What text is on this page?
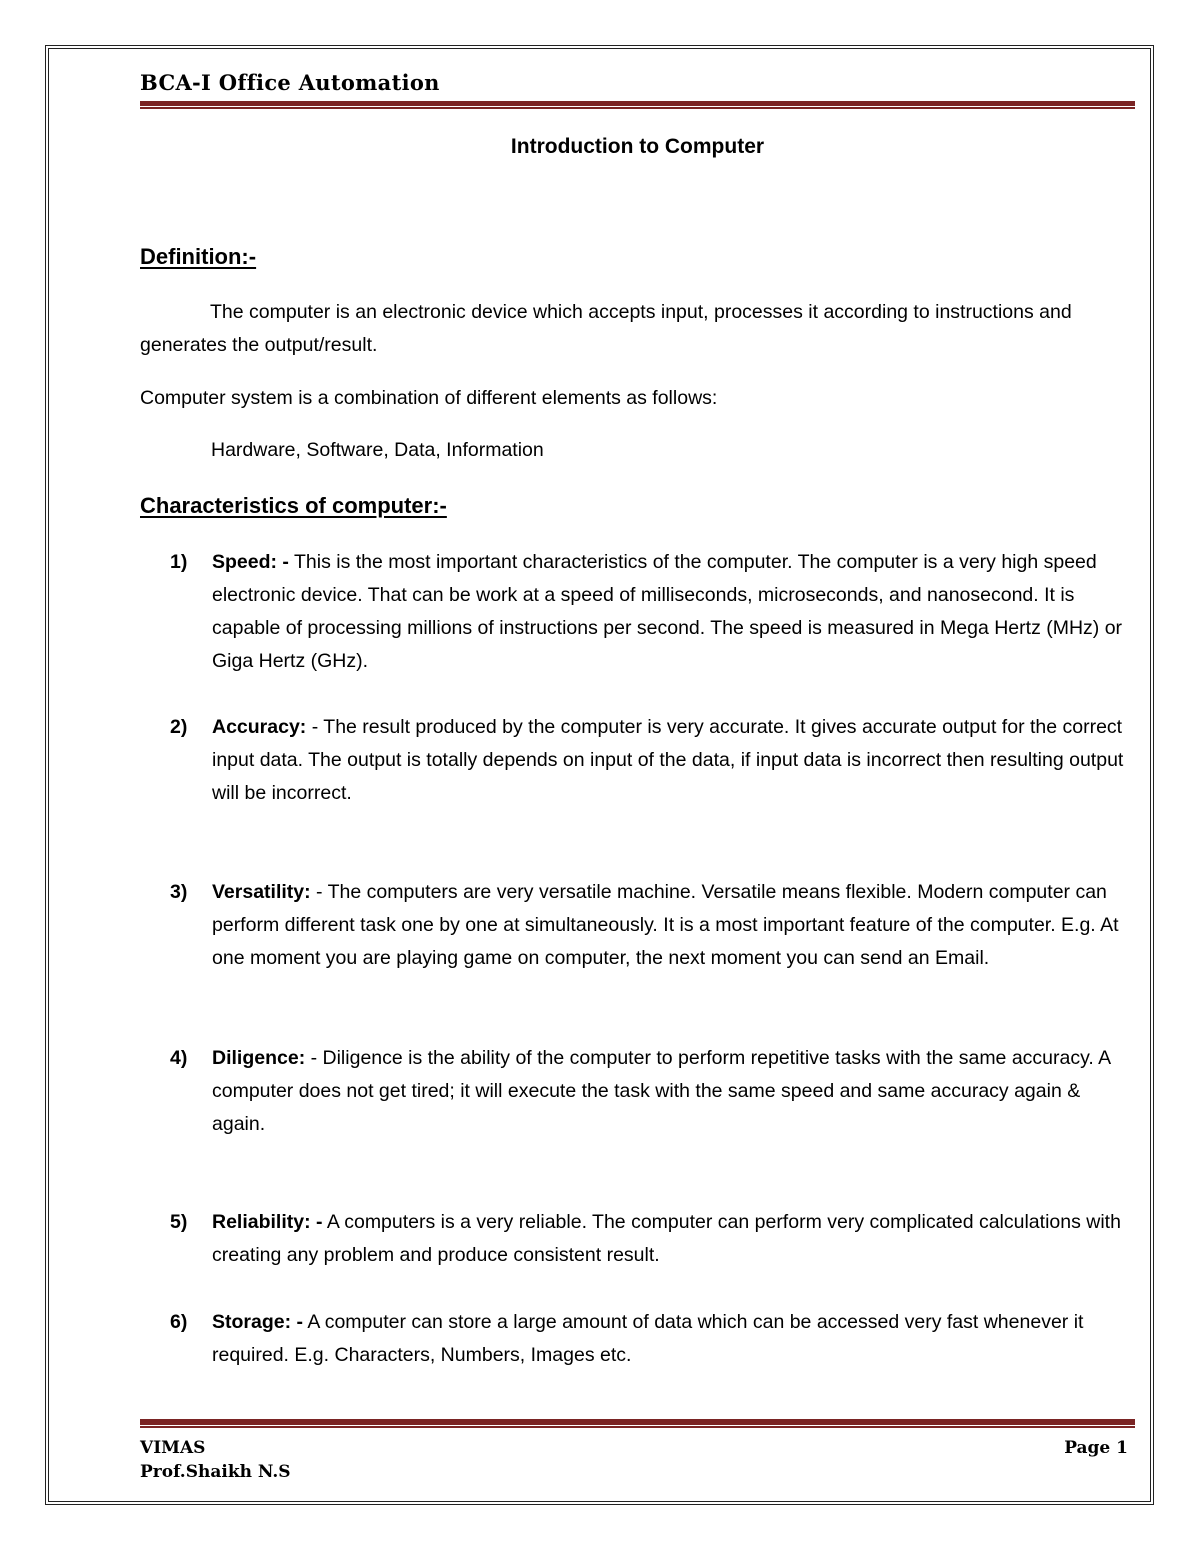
BCA-I Office Automation
Introduction to Computer
Definition:-
The computer is an electronic device which accepts input, processes it according to instructions and generates the output/result.
Computer system is a combination of different elements as follows:
Hardware, Software, Data, Information
Characteristics of computer:-
1) Speed: - This is the most important characteristics of the computer. The computer is a very high speed electronic device. That can be work at a speed of milliseconds, microseconds, and nanosecond. It is capable of processing millions of instructions per second. The speed is measured in Mega Hertz (MHz) or Giga Hertz (GHz).
2) Accuracy: - The result produced by the computer is very accurate. It gives accurate output for the correct input data. The output is totally depends on input of the data, if input data is incorrect then resulting output will be incorrect.
3) Versatility: - The computers are very versatile machine. Versatile means flexible. Modern computer can perform different task one by one at simultaneously. It is a most important feature of the computer. E.g. At one moment you are playing game on computer, the next moment you can send an Email.
4) Diligence: - Diligence is the ability of the computer to perform repetitive tasks with the same accuracy. A computer does not get tired; it will execute the task with the same speed and same accuracy again & again.
5) Reliability: - A computers is a very reliable. The computer can perform very complicated calculations with creating any problem and produce consistent result.
6) Storage: - A computer can store a large amount of data which can be accessed very fast whenever it required. E.g. Characters, Numbers, Images etc.
VIMAS
Prof.Shaikh N.S
Page 1
